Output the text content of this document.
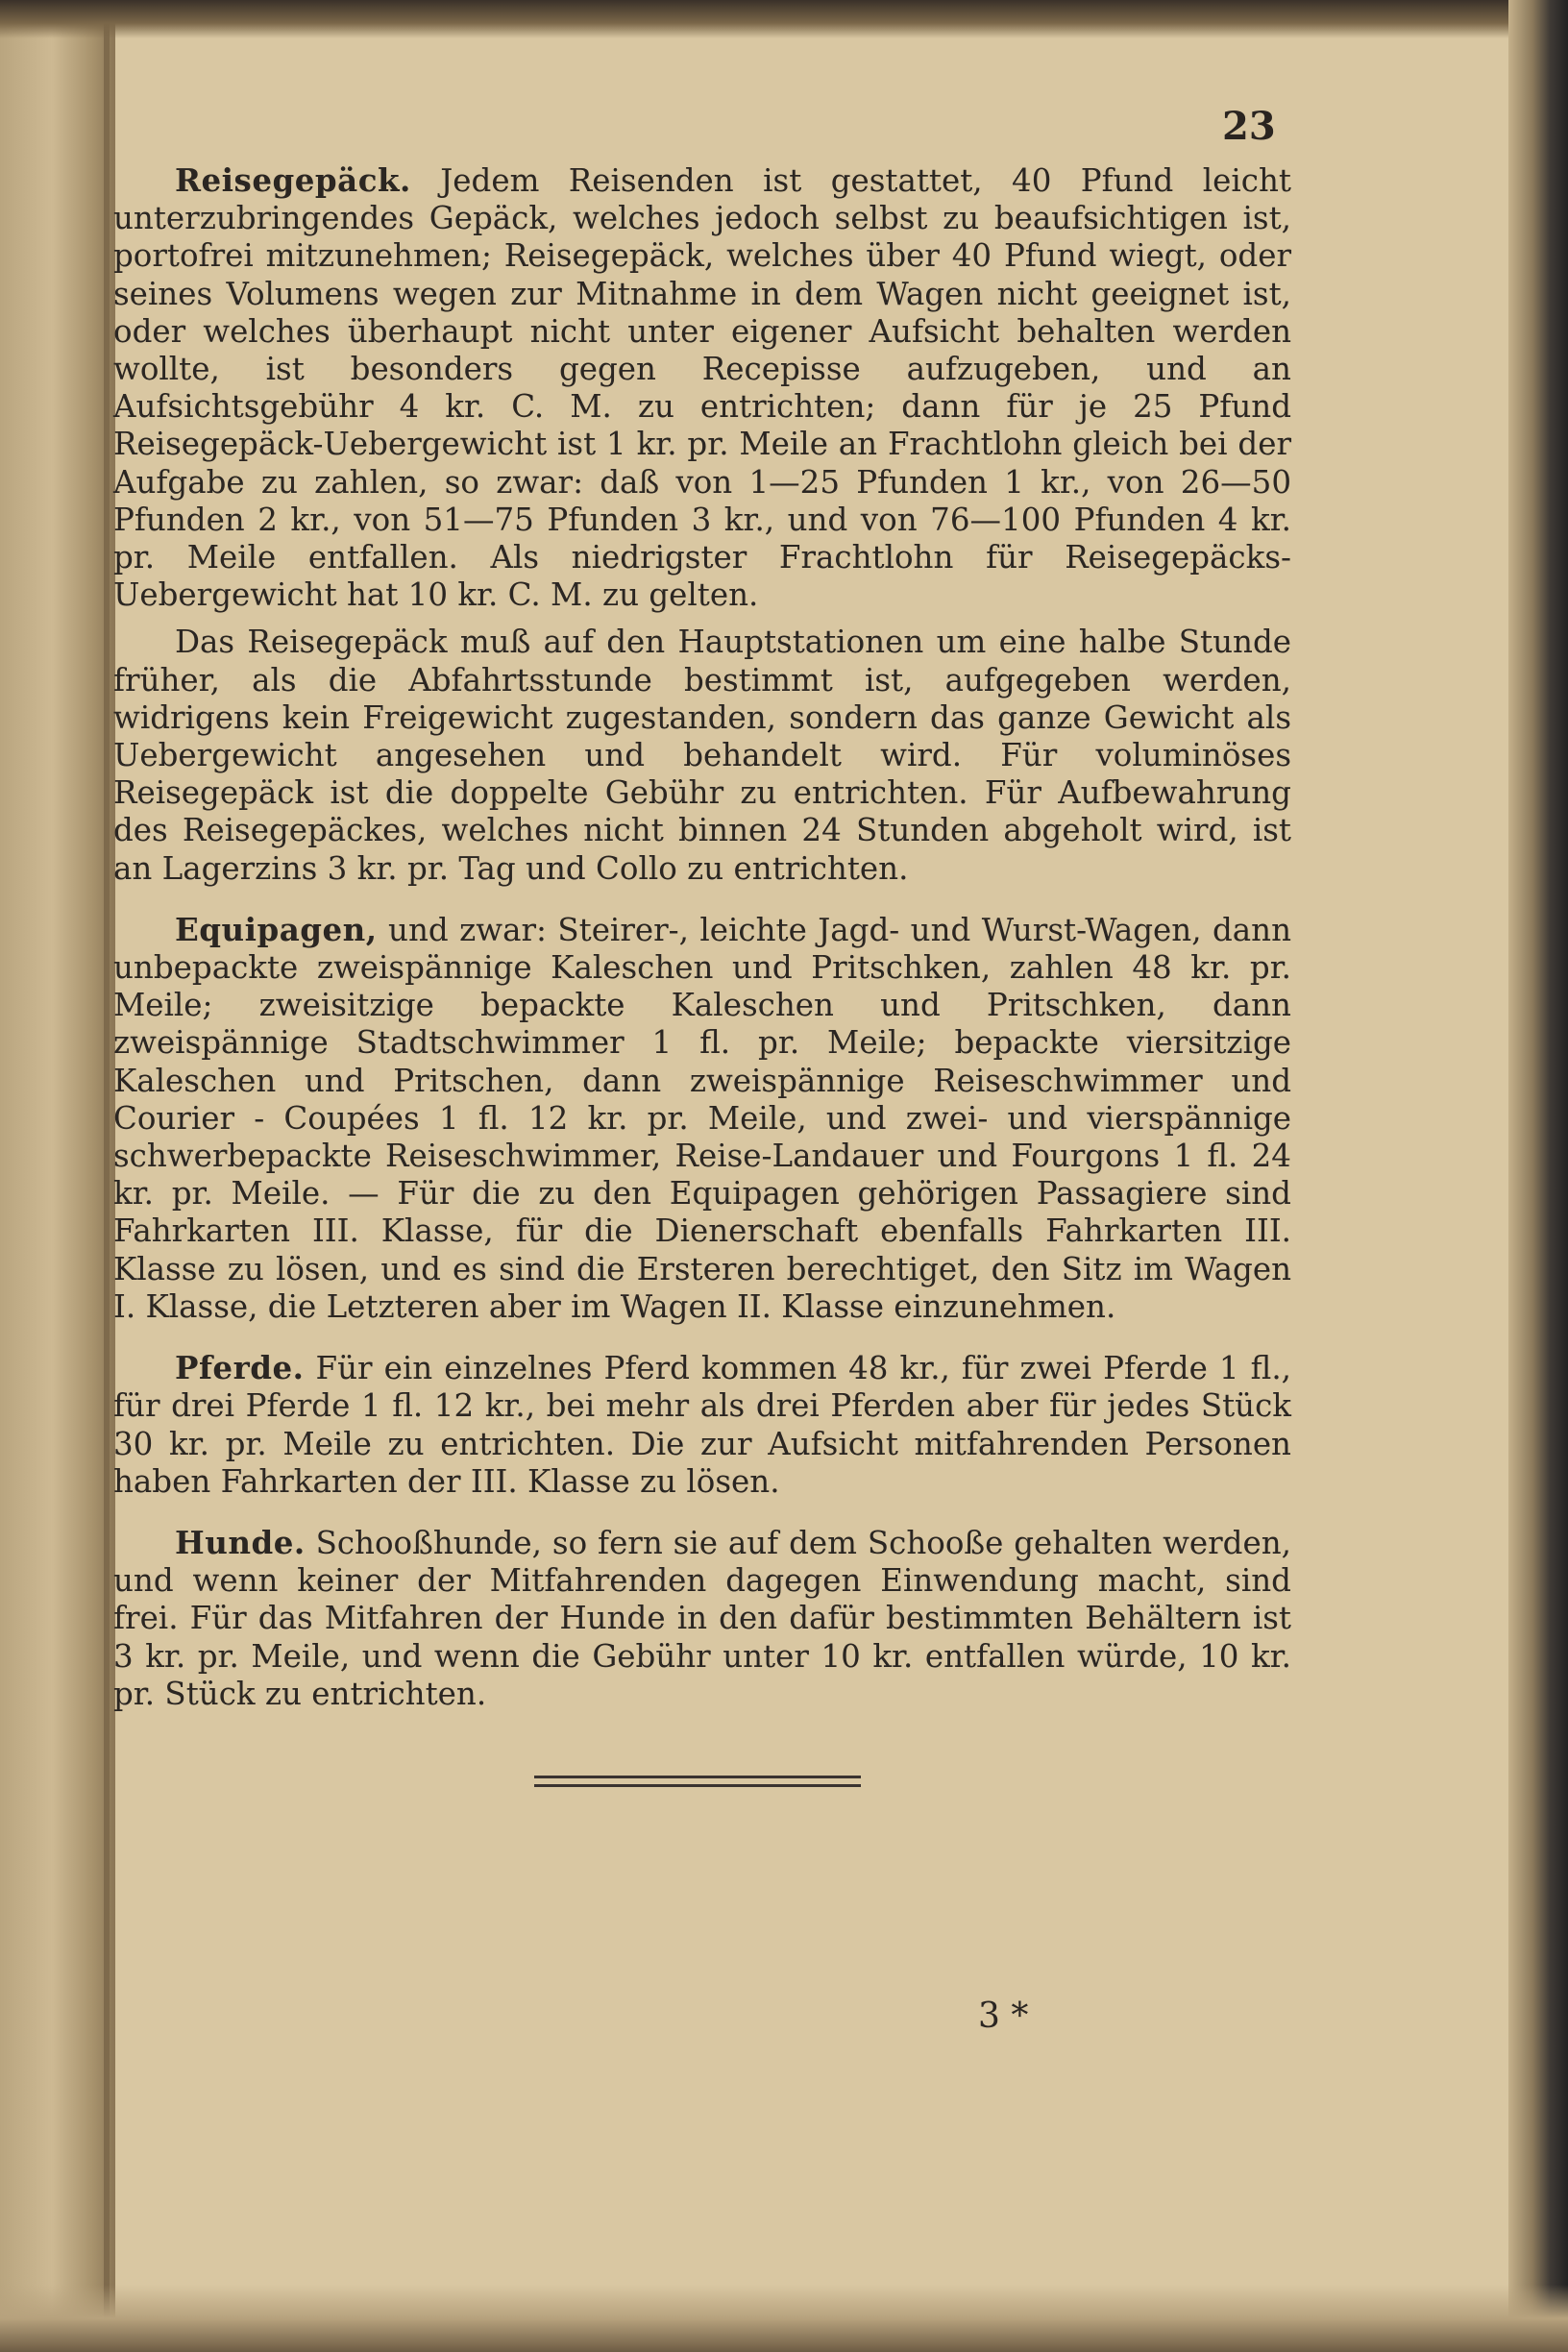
23

Reisegepäck. Jedem Reisenden ist gestattet, 40 Pfund leicht unterzubringendes Gepäck, welches jedoch selbst zu beaufsichtigen ist, portofrei mitzunehmen; Reisegepäck, welches über 40 Pfund wiegt, oder seines Volumens wegen zur Mitnahme in dem Wagen nicht geeignet ist, oder welches überhaupt nicht unter eigener Aufsicht behalten werden wollte, ist besonders gegen Recepisse aufzugeben, und an Aufsichtsgebühr 4 kr. C. M. zu entrichten; dann für je 25 Pfund Reisegepäck-Uebergewicht ist 1 kr. pr. Meile an Frachtlohn gleich bei der Aufgabe zu zahlen, so zwar: daß von 1—25 Pfunden 1 kr., von 26—50 Pfunden 2 kr., von 51—75 Pfunden 3 kr., und von 76—100 Pfunden 4 kr. pr. Meile entfallen. Als niedrigster Frachtlohn für Reisegepäcks-Uebergewicht hat 10 kr. C. M. zu gelten.

Das Reisegepäck muß auf den Hauptstationen um eine halbe Stunde früher, als die Abfahrtsstunde bestimmt ist, aufgegeben werden, widrigens kein Freigewicht zugestanden, sondern das ganze Gewicht als Uebergewicht angesehen und behandelt wird. Für voluminöses Reisegepäck ist die doppelte Gebühr zu entrichten. Für Aufbewahrung des Reisegepäckes, welches nicht binnen 24 Stunden abgeholt wird, ist an Lagerzins 3 kr. pr. Tag und Collo zu entrichten.

Equipagen, und zwar: Steirer-, leichte Jagd- und Wurst-Wagen, dann unbepackte zweispännige Kaleschen und Pritschken, zahlen 48 kr. pr. Meile; zweisitzige bepackte Kaleschen und Pritschken, dann zweispännige Stadtschwimmer 1 fl. pr. Meile; bepackte viersitzige Kaleschen und Pritschen, dann zweispännige Reiseschwimmer und Courier - Coupées 1 fl. 12 kr. pr. Meile, und zwei- und vierspännige schwerbepackte Reiseschwimmer, Reise-Landauer und Fourgons 1 fl. 24 kr. pr. Meile. — Für die zu den Equipagen gehörigen Passagiere sind Fahrkarten III. Klasse, für die Dienerschaft ebenfalls Fahrkarten III. Klasse zu lösen, und es sind die Ersteren berechtiget, den Sitz im Wagen I. Klasse, die Letzteren aber im Wagen II. Klasse einzunehmen.

Pferde. Für ein einzelnes Pferd kommen 48 kr., für zwei Pferde 1 fl., für drei Pferde 1 fl. 12 kr., bei mehr als drei Pferden aber für jedes Stück 30 kr. pr. Meile zu entrichten. Die zur Aufsicht mitfahrenden Personen haben Fahrkarten der III. Klasse zu lösen.

Hunde. Schooßhunde, so fern sie auf dem Schooße gehalten werden, und wenn keiner der Mitfahrenden dagegen Einwendung macht, sind frei. Für das Mitfahren der Hunde in den dafür bestimmten Behältern ist 3 kr. pr. Meile, und wenn die Gebühr unter 10 kr. entfallen würde, 10 kr. pr. Stück zu entrichten.

3 *
